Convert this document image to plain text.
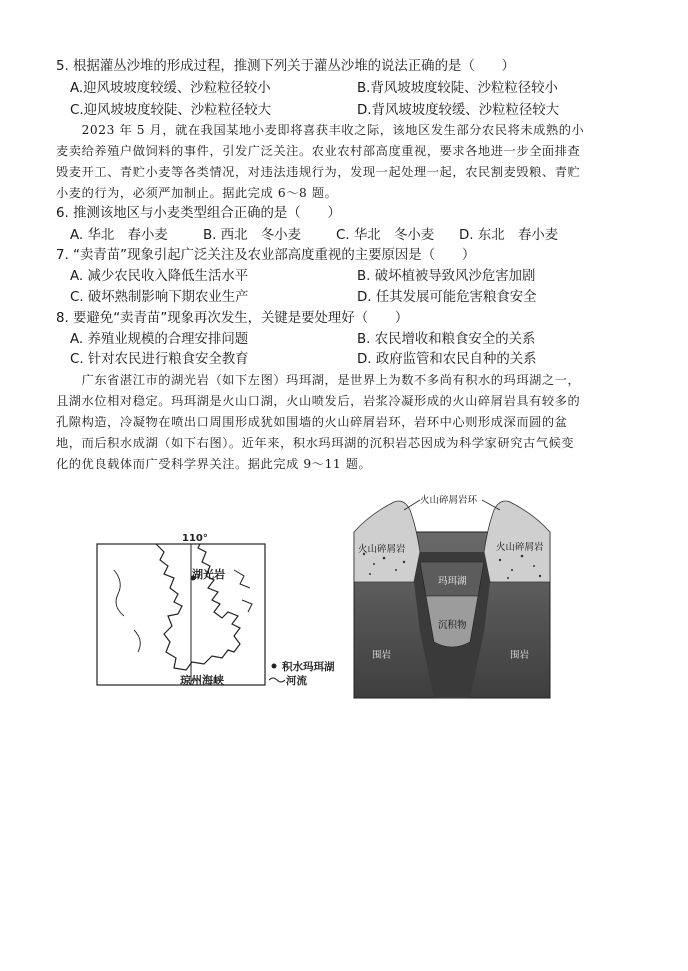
5. 根据灌丛沙堆的形成过程，推测下列关于灌丛沙堆的说法正确的是（　　）
A.迎风坡坡度较缓、沙粒粒径较小	B.背风坡坡度较陡、沙粒粒径较小
C.迎风坡坡度较陡、沙粒粒径较大	D.背风坡坡度较缓、沙粒粒径较大
　　2023 年 5 月，就在我国某地小麦即将喜获丰收之际，该地区发生部分农民将未成熟的小
麦卖给养殖户做饲料的事件，引发广泛关注。农业农村部高度重视，要求各地进一步全面排查
毁麦开工、青贮小麦等各类情况，对违法违规行为，发现一起处理一起，农民割麦毁粮、青贮
小麦的行为，必须严加制止。据此完成 6～8 题。
6. 推测该地区与小麦类型组合正确的是（　　）
A. 华北　春小麦	B. 西北　冬小麦	C. 华北　冬小麦 D. 东北　春小麦
7. “卖青苗”现象引起广泛关注及农业部高度重视的主要原因是（　　）
A. 减少农民收入降低生活水平	B. 破坏植被导致风沙危害加剧
C. 破坏熟制影响下期农业生产	D. 任其发展可能危害粮食安全
8. 要避免“卖青苗”现象再次发生，关键是要处理好（　　）
A. 养殖业规模的合理安排问题	B. 农民增收和粮食安全的关系
C. 针对农民进行粮食安全教育	D. 政府监管和农民自种的关系
　　广东省湛江市的湖光岩（如下左图）玛珥湖，是世界上为数不多尚有积水的玛珥湖之一，
且湖水位相对稳定。玛珥湖是火山口湖，火山喷发后，岩浆冷凝形成的火山碎屑岩具有较多的
孔隙构造，冷凝物在喷出口周围形成犹如围墙的火山碎屑岩环，岩环中心则形成深而圆的盆
地，而后积水成湖（如下右图）。近年来，积水玛珥湖的沉积岩芯因成为科学家研究古气候变
化的优良载体而广受科学界关注。据此完成 9～11 题。
110°
湖光岩
琼州海峡
积水玛珥湖
河流
火山碎屑岩环
火山碎屑岩	火山碎屑岩
玛珥湖
沉积物
围岩	围岩
